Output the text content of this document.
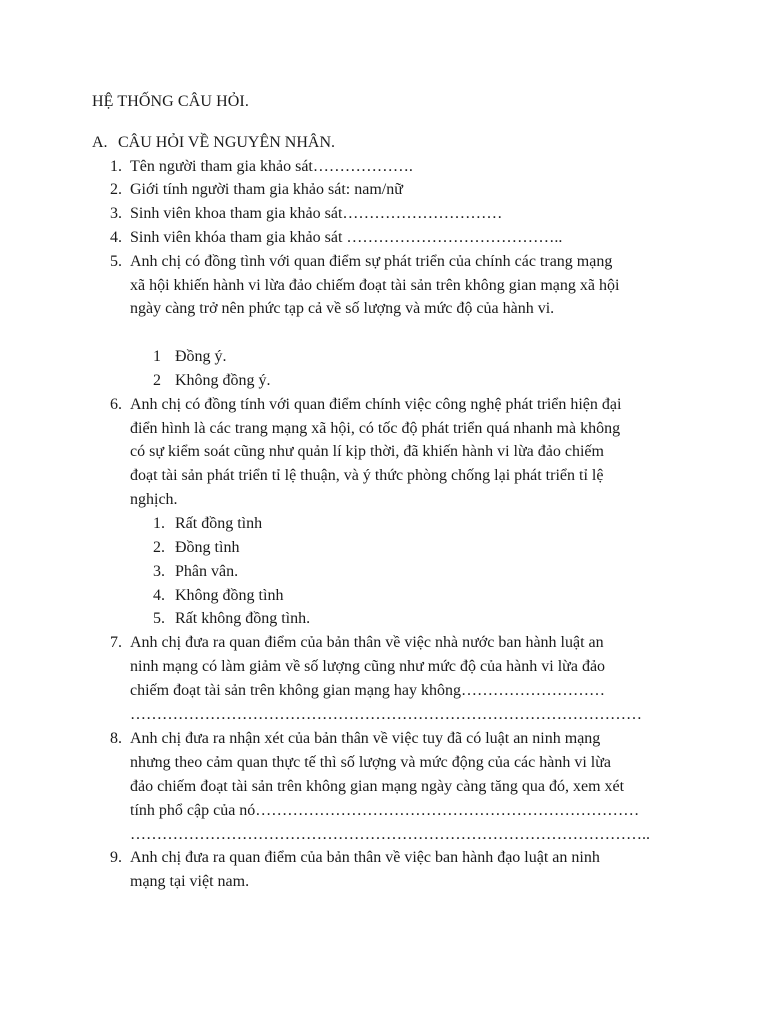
HỆ THỐNG CÂU HỎI.
A. CÂU HỎI VỀ NGUYÊN NHÂN.
1. Tên người tham gia khảo sát……………….
2. Giới tính người tham gia khảo sát: nam/nữ
3. Sinh viên khoa tham gia khảo sát…………………………
4. Sinh viên khóa tham gia khảo sát …………………………………..
5. Anh chị có đồng tình với quan điểm sự phát triển của chính các trang mạng
xã hội khiến hành vi lừa đảo chiếm đoạt tài sản trên không gian mạng xã hội
ngày càng trở nên phức tạp cả về số lượng và mức độ của hành vi.
1 Đồng ý.
2 Không đồng ý.
6. Anh chị có đồng tính với quan điểm chính việc công nghệ phát triển hiện đại
điển hình là các trang mạng xã hội, có tốc độ phát triển quá nhanh mà không
có sự kiểm soát cũng như quản lí kịp thời, đã khiến hành vi lừa đảo chiếm
đoạt tài sản phát triển tỉ lệ thuận, và ý thức phòng chống lại phát triển tỉ lệ
nghịch.
1. Rất đồng tình
2. Đồng tình
3. Phân vân.
4. Không đồng tình
5. Rất không đồng tình.
7. Anh chị đưa ra quan điểm của bản thân về việc nhà nước ban hành luật an
ninh mạng có làm giảm về số lượng cũng như mức độ của hành vi lừa đảo
chiếm đoạt tài sản trên không gian mạng hay không………………………
……………………………………………………………………………………
8. Anh chị đưa ra nhận xét của bản thân về việc tuy đã có luật an ninh mạng
nhưng theo cảm quan thực tế thì số lượng và mức động của các hành vi lừa
đảo chiếm đoạt tài sản trên không gian mạng ngày càng tăng qua đó, xem xét
tính phổ cập của nó………………………………………………………………
……………………………………………………………………………………..
9. Anh chị đưa ra quan điểm của bản thân về việc ban hành đạo luật an ninh
mạng tại việt nam.
